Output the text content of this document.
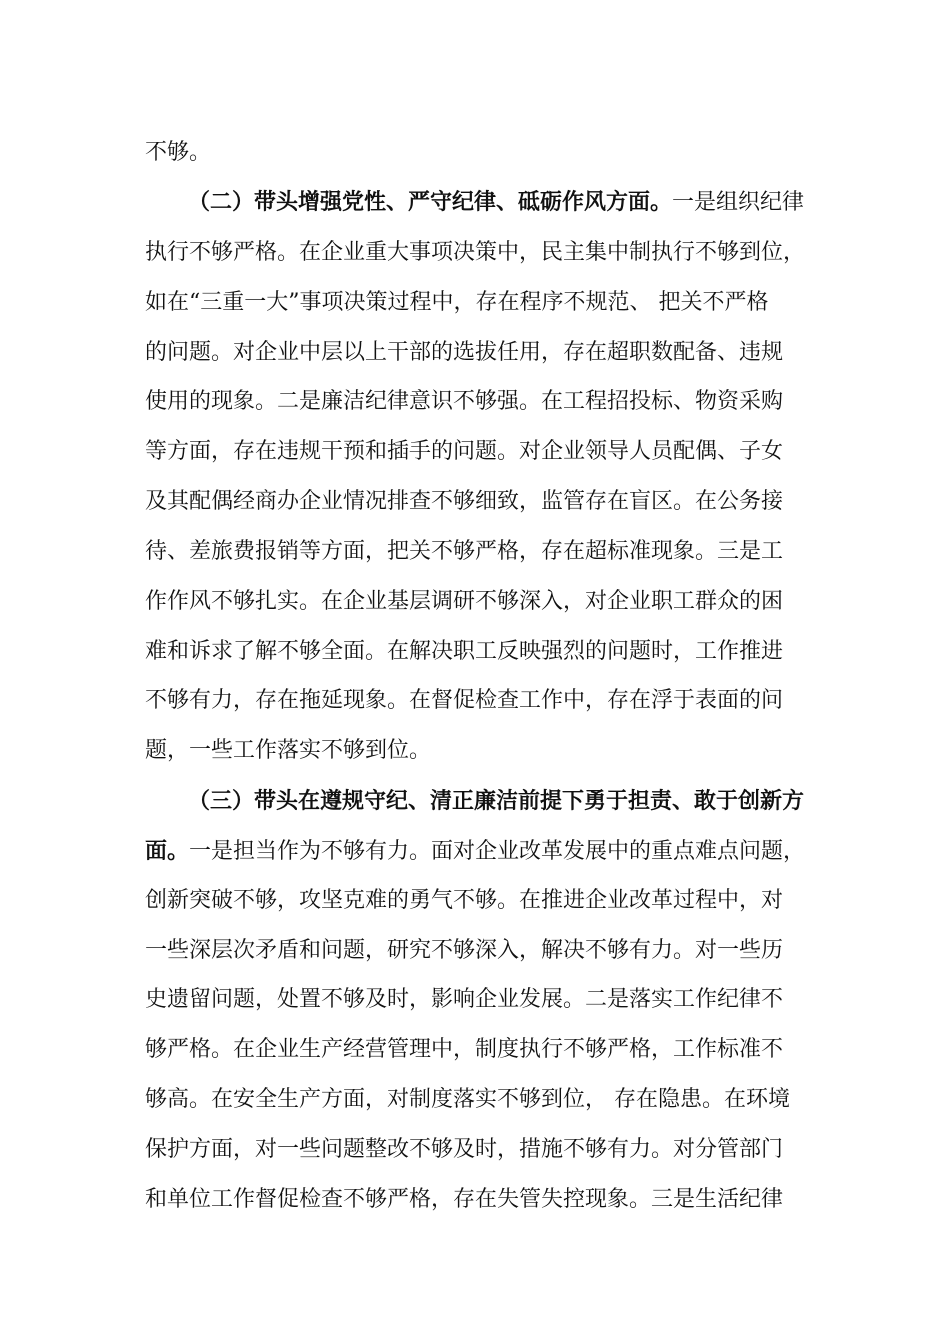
不够。

（二）带头增强党性、严守纪律、砥砺作风方面。一是组织纪律

执行不够严格。在企业重大事项决策中，民主集中制执行不够到位，

如在“三重一大”事项决策过程中，存在程序不规范、 把关不严格

的问题。对企业中层以上干部的选拔任用，存在超职数配备、违规

使用的现象。二是廉洁纪律意识不够强。在工程招投标、物资采购

等方面，存在违规干预和插手的问题。对企业领导人员配偶、子女

及其配偶经商办企业情况排查不够细致，监管存在盲区。在公务接

待、差旅费报销等方面，把关不够严格，存在超标准现象。三是工

作作风不够扎实。在企业基层调研不够深入，对企业职工群众的困

难和诉求了解不够全面。在解决职工反映强烈的问题时，工作推进

不够有力，存在拖延现象。在督促检查工作中，存在浮于表面的问

题，一些工作落实不够到位。

（三）带头在遵规守纪、清正廉洁前提下勇于担责、敢于创新方

面。一是担当作为不够有力。面对企业改革发展中的重点难点问题，

创新突破不够，攻坚克难的勇气不够。在推进企业改革过程中，对

一些深层次矛盾和问题，研究不够深入，解决不够有力。对一些历

史遗留问题，处置不够及时，影响企业发展。二是落实工作纪律不

够严格。在企业生产经营管理中，制度执行不够严格，工作标准不

够高。在安全生产方面，对制度落实不够到位， 存在隐患。在环境

保护方面，对一些问题整改不够及时，措施不够有力。对分管部门

和单位工作督促检查不够严格，存在失管失控现象。三是生活纪律
